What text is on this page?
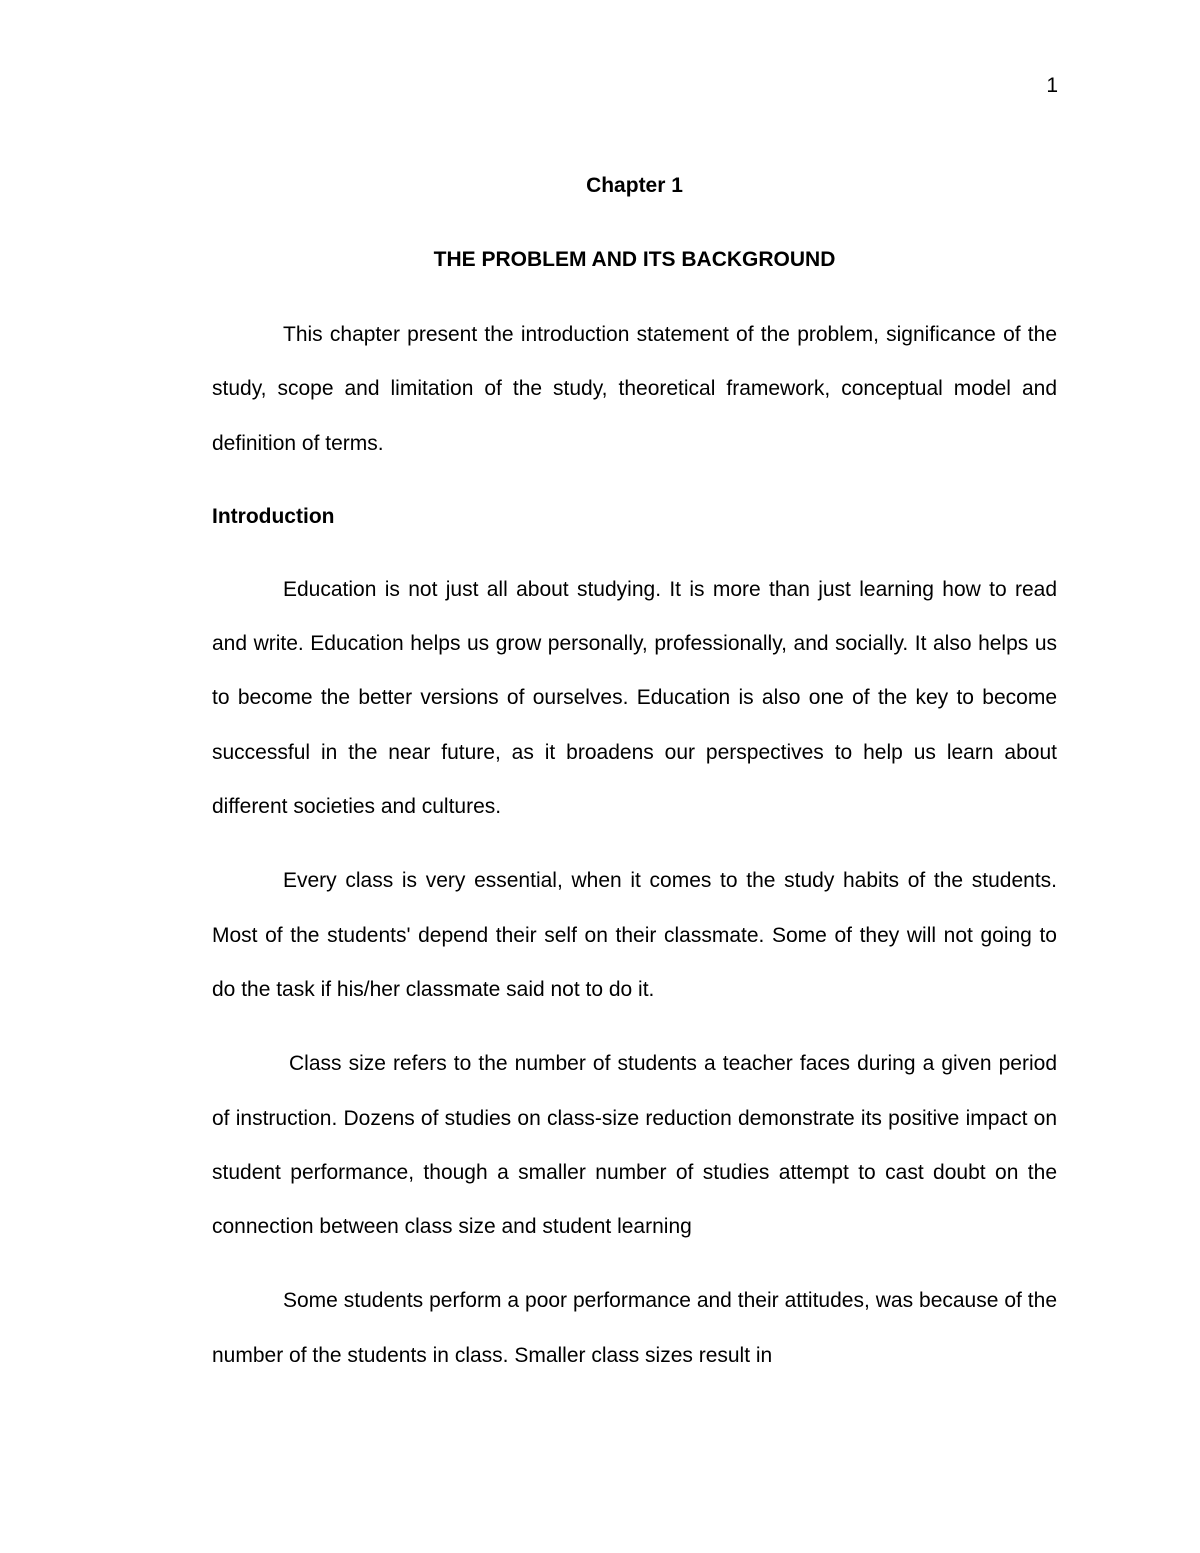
1
Chapter 1
THE PROBLEM AND ITS BACKGROUND

This chapter present the introduction statement of the problem, significance of the study, scope and limitation of the study, theoretical framework, conceptual model and definition of terms.

Introduction

Education is not just all about studying. It is more than just learning how to read and write. Education helps us grow personally, professionally, and socially. It also helps us to become the better versions of ourselves. Education is also one of the key to become successful in the near future, as it broadens our perspectives to help us learn about different societies and cultures.

Every class is very essential, when it comes to the study habits of the students. Most of the students' depend their self on their classmate. Some of they will not going to do the task if his/her classmate said not to do it.

Class size refers to the number of students a teacher faces during a given period of instruction. Dozens of studies on class-size reduction demonstrate its positive impact on student performance, though a smaller number of studies attempt to cast doubt on the connection between class size and student learning

Some students perform a poor performance and their attitudes, was because of the number of the students in class. Smaller class sizes result in
